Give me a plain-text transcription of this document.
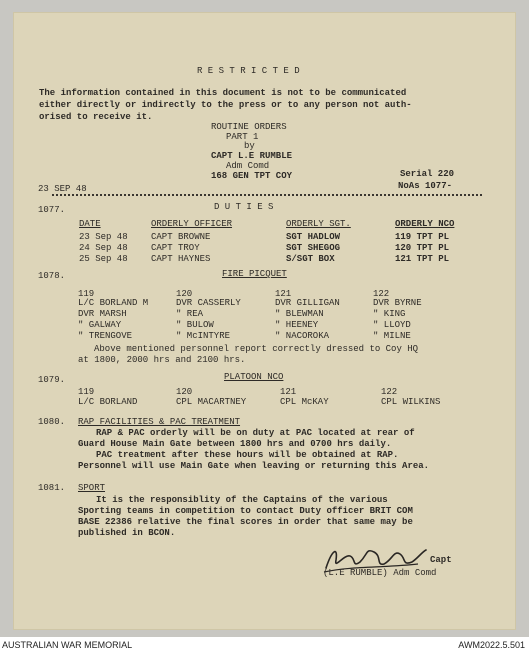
R E S T R I C T E D
The information contained in this document is not to be communicated
either directly or indirectly to the press or to any person not auth-
orised to receive it.
ROUTINE ORDERS
PART 1
by
CAPT L.E RUMBLE
Adm Comd
168 GEN TPT COY	Serial 220
NoAs 1077-
23 SEP 48
1077.	D U T I E S
DATE	ORDERLY OFFICER	ORDERLY SGT.	ORDERLY NCO
23 Sep 48	CAPT BROWNE	SGT HADLOW	119 TPT PL
24 Sep 48	CAPT TROY	SGT SHEGOG	120 TPT PL
25 Sep 48	CAPT HAYNES	S/SGT BOX	121 TPT PL
1078.	FIRE PICQUET
119	120	121	122
L/C BORLAND M	DVR CASSERLY	DVR GILLIGAN	DVR BYRNE
DVR MARSH	" REA	" BLEWMAN	" KING
" GALWAY	" BULOW	" HEENEY	" LLOYD
" TRENGOVE	" McINTYRE	" NACOROKA	" MILNE
Above mentioned personnel report correctly dressed to Coy HQ
at 1800, 2000 hrs and 2100 hrs.
1079.	PLATOON NCO
119	120	121	122
L/C BORLAND	CPL MACARTNEY	CPL McKAY	CPL WILKINS
1080. RAP FACILITIES & PAC TREATMENT
RAP & PAC orderly will be on duty at PAC located at rear of
Guard House Main Gate between 1800 hrs and 0700 hrs daily.
PAC treatment after these hours will be obtained at RAP.
Personnel will use Main Gate when leaving or returning this Area.
1081. SPORT
It is the responsiblity of the Captains of the various
Sporting teams in competition to contact Duty officer BRIT COM
BASE 22386 relative the final scores in order that same may be
published in BCON.
Capt
(L.E RUMBLE) Adm Comd
AUSTRALIAN WAR MEMORIAL	AWM2022.5.501
